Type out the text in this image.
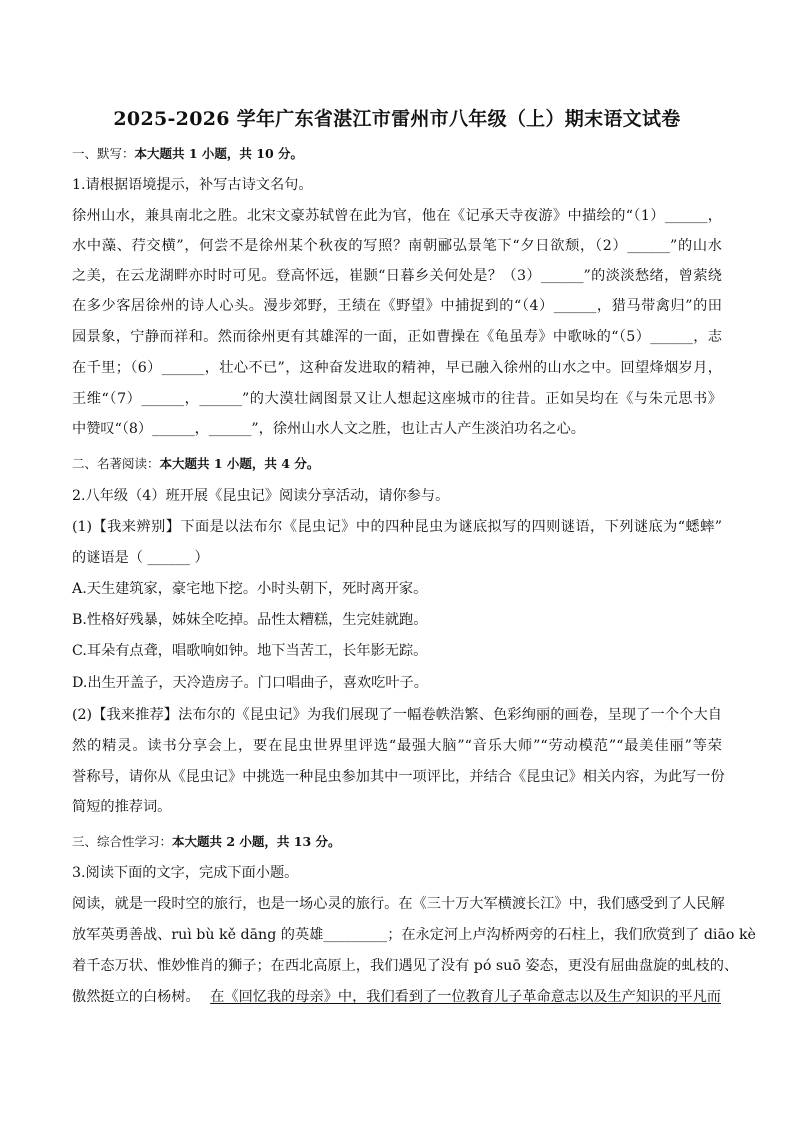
2025-2026 学年广东省湛江市雷州市八年级（上）期末语文试卷
一、默写：本大题共 1 小题，共 10 分。
1.请根据语境提示，补写古诗文名句。
徐州山水，兼具南北之胜。北宋文豪苏轼曾在此为官，他在《记承天寺夜游》中描绘的“（1）______，
水中藻、荇交横”，何尝不是徐州某个秋夜的写照？南朝郦弘景笔下“夕日欲颓，（2）______”的山水
之美，在云龙湖畔亦时时可见。登高怀远，崔颢“日暮乡关何处是？（3）______”的淡淡愁绪，曾萦绕
在多少客居徐州的诗人心头。漫步郊野，王绩在《野望》中捕捉到的“（4）______，猎马带禽归”的田
园景象，宁静而祥和。然而徐州更有其雄浑的一面，正如曹操在《龟虽寿》中歌咏的“（5）______，志
在千里；（6）______，壮心不已”，这种奋发进取的精神，早已融入徐州的山水之中。回望烽烟岁月，
王维“（7）______，______”的大漠壮阔图景又让人想起这座城市的往昔。正如吴均在《与朱元思书》
中赞叹“（8）______，______”，徐州山水人文之胜，也让古人产生淡泊功名之心。
二、名著阅读：本大题共 1 小题，共 4 分。
2.八年级（4）班开展《昆虫记》阅读分享活动，请你参与。
(1)【我来辨别】下面是以法布尔《昆虫记》中的四种昆虫为谜底拟写的四则谜语，下列谜底为“蟋蟀”
的谜语是（ ______ ）
A.天生建筑家，豪宅地下挖。小时头朝下，死时离开家。
B.性格好残暴，姊妹全吃掉。品性太糟糕，生完娃就跑。
C.耳朵有点聋，唱歌响如钟。地下当苦工，长年影无踪。
D.出生开盖子，天冷造房子。门口唱曲子，喜欢吃叶子。
(2)【我来推荐】法布尔的《昆虫记》为我们展现了一幅卷帙浩繁、色彩绚丽的画卷，呈现了一个个大自
然的精灵。读书分享会上，要在昆虫世界里评选“最强大脑”“音乐大师”“劳动模范”“最美佳丽”等荣
誉称号，请你从《昆虫记》中挑选一种昆虫参加其中一项评比，并结合《昆虫记》相关内容，为此写一份
简短的推荐词。
三、综合性学习：本大题共 2 小题，共 13 分。
3.阅读下面的文字，完成下面小题。
阅读，就是一段时空的旅行，也是一场心灵的旅行。在《三十万大军横渡长江》中，我们感受到了人民解
放军英勇善战、ruì bù kě dāng 的英雄_________；在永定河上卢沟桥两旁的石柱上，我们欣赏到了 diāo kè
着千态万状、惟妙惟肖的狮子；在西北高原上，我们遇见了没有 pó suō 姿态，更没有屈曲盘旋的虬枝的、
傲然挺立的白杨树。 在《回忆我的母亲》中，我们看到了一位教育儿子革命意志以及生产知识的平凡而
